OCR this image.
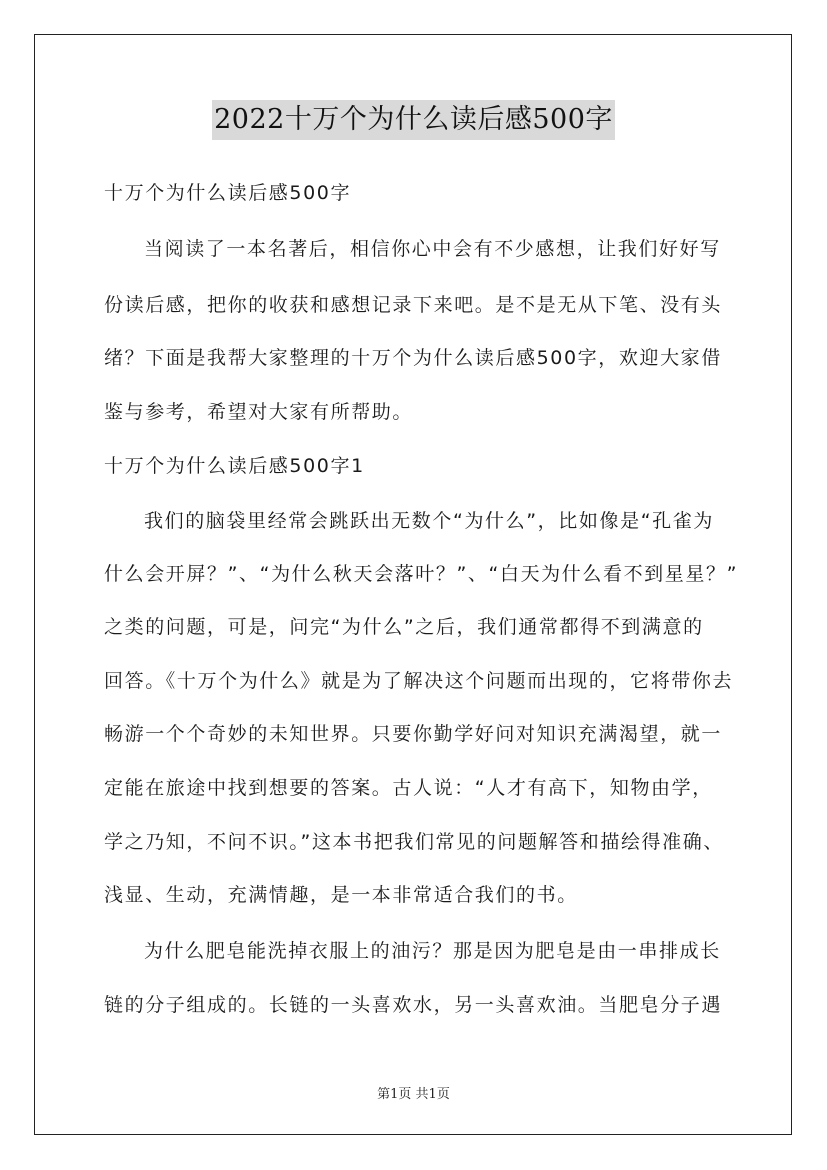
2022十万个为什么读后感500字
十万个为什么读后感500字
当阅读了一本名著后，相信你心中会有不少感想，让我们好好写
份读后感，把你的收获和感想记录下来吧。是不是无从下笔、没有头
绪？下面是我帮大家整理的十万个为什么读后感500字，欢迎大家借
鉴与参考，希望对大家有所帮助。
十万个为什么读后感500字1
我们的脑袋里经常会跳跃出无数个“为什么”，比如像是“孔雀为
什么会开屏？”、“为什么秋天会落叶？”、“白天为什么看不到星星？”
之类的问题，可是，问完“为什么”之后，我们通常都得不到满意的
回答。《十万个为什么》就是为了解决这个问题而出现的，它将带你去
畅游一个个奇妙的未知世界。只要你勤学好问对知识充满渴望，就一
定能在旅途中找到想要的答案。古人说：“人才有高下，知物由学，
学之乃知，不问不识。”这本书把我们常见的问题解答和描绘得准确、
浅显、生动，充满情趣，是一本非常适合我们的书。
为什么肥皂能洗掉衣服上的油污？那是因为肥皂是由一串排成长
链的分子组成的。长链的一头喜欢水，另一头喜欢油。当肥皂分子遇
第1页 共1页
